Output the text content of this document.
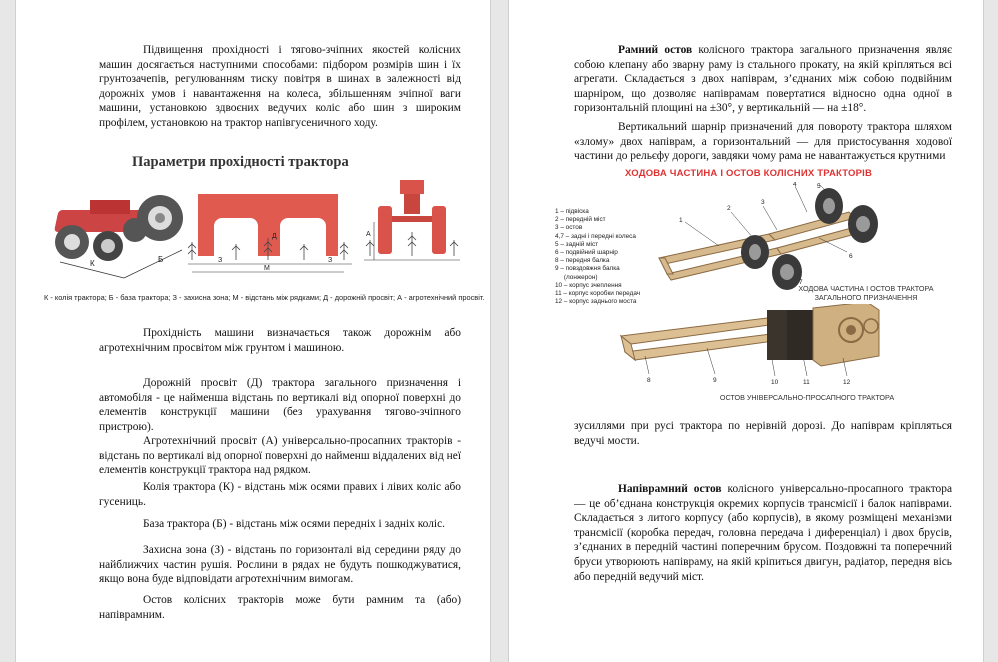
Підвищення прохідності і тягово-зчіпних якостей колісних машин досягається наступними способами: підбором розмірів шин і їх грунтозачепів, регулюванням тиску повітря в шинах в залежності від дорожніх умов і навантаження на колеса, збільшенням зчіпної ваги машини, установкою здвоєних ведучих коліс або шин з широким профілем, установкою на трактор напівгусеничного ходу.

Параметри прохідності трактора
К	Б
М
З	З
Д	А
К - колія трактора; Б - база трактора; З - захисна зона; М - відстань між рядками; Д - дорожній просвіт; А - агротехнічний просвіт.

Прохідність машини визначається також дорожнім або агротехнічним просвітом між грунтом і машиною.

Дорожній просвіт (Д) трактора загального призначення і автомобіля - це найменша відстань по вертикалі від опорної поверхні до елементів конструкції машини (без урахування тягово-зчіпного пристрою).

Агротехнічний просвіт (А) універсально-просапних тракторів - відстань по вертикалі від опорної поверхні до найменш віддалених від неї елементів конструкції трактора над рядком.

Колія трактора (К) - відстань між осями правих і лівих коліс або гусениць.

База трактора (Б) - відстань між осями передніх і задніх коліс.

Захисна зона (З) - відстань по горизонталі від середини ряду до найближчих частин рушія. Рослини в рядах не будуть пошкоджуватися, якщо вона буде відповідати агротехнічним вимогам.

Остов колісних тракторів може бути рамним та (або) напіврамним.

Рамний остов колісного трактора загального призначення являє собою клепану або зварну раму із стального прокату, на якій кріпляться всі агрегати. Складається з двох напіврам, з’єднаних між собою подвійним шарніром, що дозволяє напіврамам повертатися відносно одна одної в горизонтальній площині на ±30°, у вертикальній — на ±18°.

Вертикальний шарнір призначений для повороту трактора шляхом «злому» двох напіврам, а горизонтальний — для пристосування ходової частини до рельєфу дороги, завдяки чому рама не навантажується крутними

ХОДОВА ЧАСТИНА І ОСТОВ КОЛІСНИХ ТРАКТОРІВ
1 – підвіска
2 – передній міст
3 – остов
4,7 – задні і передні колеса
5 – задній міст
6 – подвійний шарнір
8 – передня балка
9 – повздовжня балка
(лонжерон)
10 – корпус зчеплення
11 – корпус коробки передач
12 – корпус заднього моста
1
2
3
4	5
6
7
ХОДОВА ЧАСТИНА І ОСТОВ ТРАКТОРА
ЗАГАЛЬНОГО ПРИЗНАЧЕННЯ
8	9	10	11	12
ОСТОВ УНІВЕРСАЛЬНО-ПРОСАПНОГО ТРАКТОРА

зусиллями при русі трактора по нерівній дорозі. До напіврам кріпляться ведучі мости.

Напіврамний остов колісного універсально-просапного трактора — це об’єднана конструкція окремих корпусів трансмісії і балок напіврами. Складається з литого корпусу (або корпусів), в якому розміщені механізми трансмісії (коробка передач, головна передача і диференціал) і двох брусів, з’єднаних в передній частині поперечним брусом. Поздовжні та поперечний бруси утворюють напівраму, на якій кріпиться двигун, радіатор, передня вісь або передній ведучий міст.
